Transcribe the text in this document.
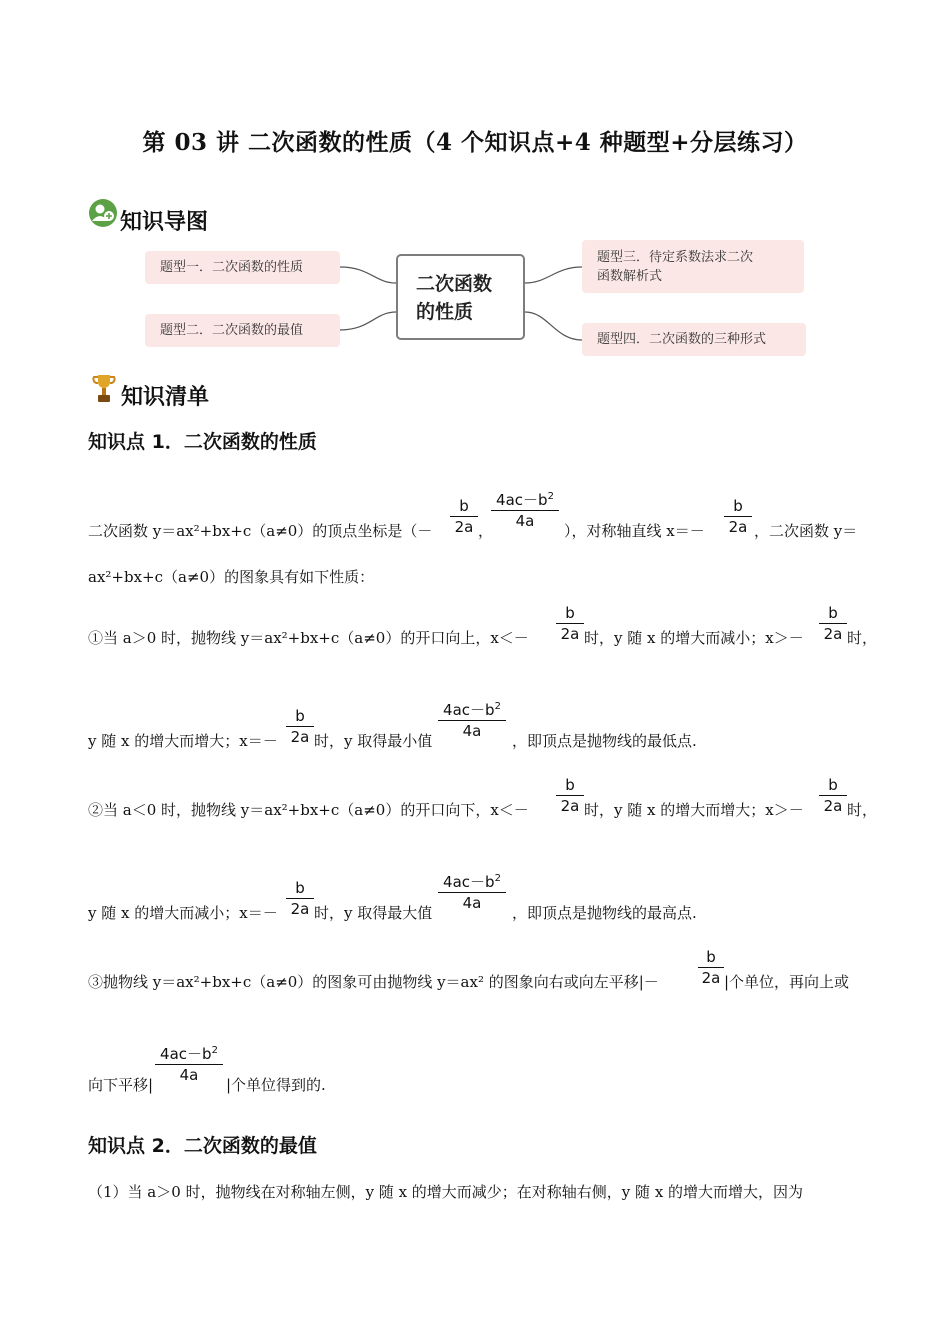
第 03 讲 二次函数的性质（4 个知识点+4 种题型+分层练习）
知识导图
题型一．二次函数的性质
题型二．二次函数的最值
二次函数
的性质
题型三．待定系数法求二次
函数解析式
题型四．二次函数的三种形式
知识清单
知识点 1．二次函数的性质
二次函数 y＝ax²+bx+c（a≠0）的顶点坐标是（－
b
2a ，
$4ac-b^2$
4a
），对称轴直线 x＝－
b
2a ，二次函数 y＝
ax²+bx+c（a≠0）的图象具有如下性质：
①当 a＞0 时，抛物线 y＝ax²+bx+c（a≠0）的开口向上，x＜－
b
2a 时，y 随 x 的增大而减小；x＞－
b
2a 时，
y 随 x 的增大而增大；x＝－
b
2a 时，y 取得最小值
$4ac-b^2$
4a
，即顶点是抛物线的最低点.
②当 a＜0 时，抛物线 y＝ax²+bx+c（a≠0）的开口向下，x＜－
b
2a 时，y 随 x 的增大而增大；x＞－
b
2a 时，
y 随 x 的增大而减小；x＝－
b
2a 时，y 取得最大值
$4ac-b^2$
4a
，即顶点是抛物线的最高点.
③抛物线 y＝ax²+bx+c（a≠0）的图象可由抛物线 y＝ax² 的图象向右或向左平移|－
b
2a |个单位，再向上或
向下平移|
$4ac-b^2$
4a
|个单位得到的.
知识点 2．二次函数的最值
（1）当 a＞0 时，抛物线在对称轴左侧，y 随 x 的增大而减少；在对称轴右侧，y 随 x 的增大而增大，因为
